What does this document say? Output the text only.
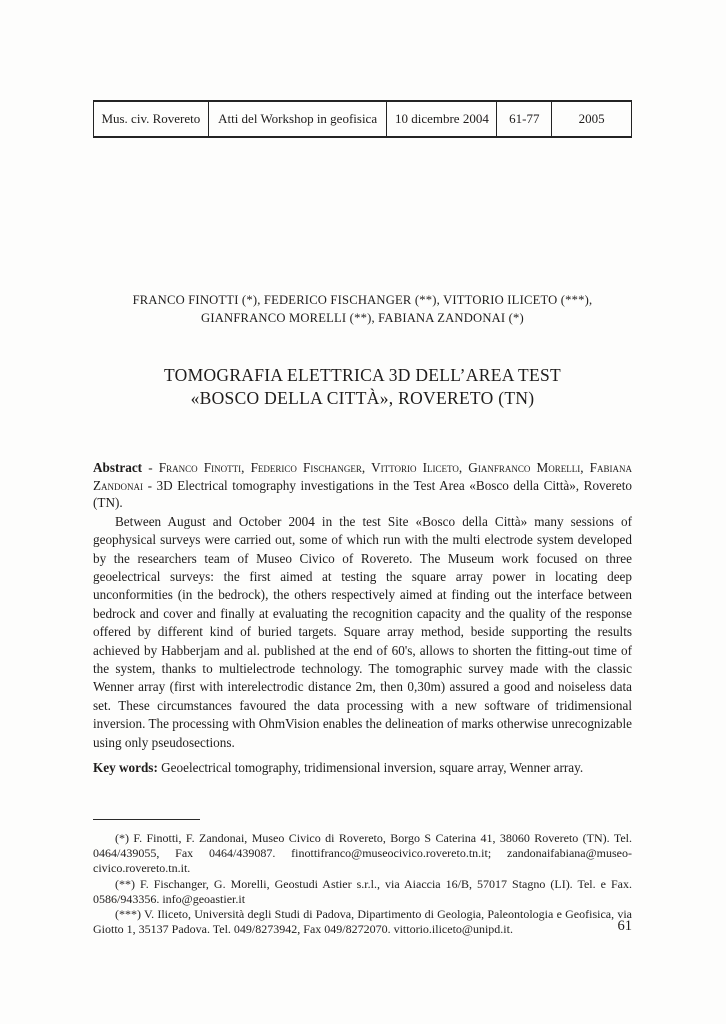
Mus. civ. Rovereto	Atti del Workshop in geofisica	10 dicembre 2004	61-77	2005
FRANCO FINOTTI (*), FEDERICO FISCHANGER (**), VITTORIO ILICETO (***),
GIANFRANCO MORELLI (**), FABIANA ZANDONAI (*)
TOMOGRAFIA ELETTRICA 3D DELL’AREA TEST
«BOSCO DELLA CITTÀ», ROVERETO (TN)

Abstract - Franco Finotti, Federico Fischanger, Vittorio Iliceto, Gianfranco Morelli, Fabiana Zandonai - 3D Electrical tomography investigations in the Test Area «Bosco della Città», Rovereto (TN).

Between August and October 2004 in the test Site «Bosco della Città» many sessions of geophysical surveys were carried out, some of which run with the multi electrode system developed by the researchers team of Museo Civico of Rovereto. The Museum work focused on three geoelectrical surveys: the first aimed at testing the square array power in locating deep unconformities (in the bedrock), the others respectively aimed at finding out the interface between bedrock and cover and finally at evaluating the recognition capacity and the quality of the response offered by different kind of buried targets. Square array method, beside supporting the results achieved by Habberjam and al. published at the end of 60's, allows to shorten the fitting-out time of the system, thanks to multielectrode technology. The tomographic survey made with the classic Wenner array (first with interelectrodic distance 2m, then 0,30m) assured a good and noiseless data set. These circumstances favoured the data processing with a new software of tridimensional inversion. The processing with OhmVision enables the delineation of marks otherwise unrecognizable using only pseudosections.

Key words: Geoelectrical tomography, tridimensional inversion, square array, Wenner array.

(*) F. Finotti, F. Zandonai, Museo Civico di Rovereto, Borgo S Caterina 41, 38060 Rovereto (TN). Tel. 0464/439055, Fax 0464/439087. finottifranco@museocivico.rovereto.tn.it; zandonaifabiana@museo-civico.rovereto.tn.it.

(**) F. Fischanger, G. Morelli, Geostudi Astier s.r.l., via Aiaccia 16/B, 57017 Stagno (LI). Tel. e Fax. 0586/943356. info@geoastier.it

(***) V. Iliceto, Università degli Studi di Padova, Dipartimento di Geologia, Paleontologia e Geofisica, via Giotto 1, 35137 Padova. Tel. 049/8273942, Fax 049/8272070. vittorio.iliceto@unipd.it.	61
